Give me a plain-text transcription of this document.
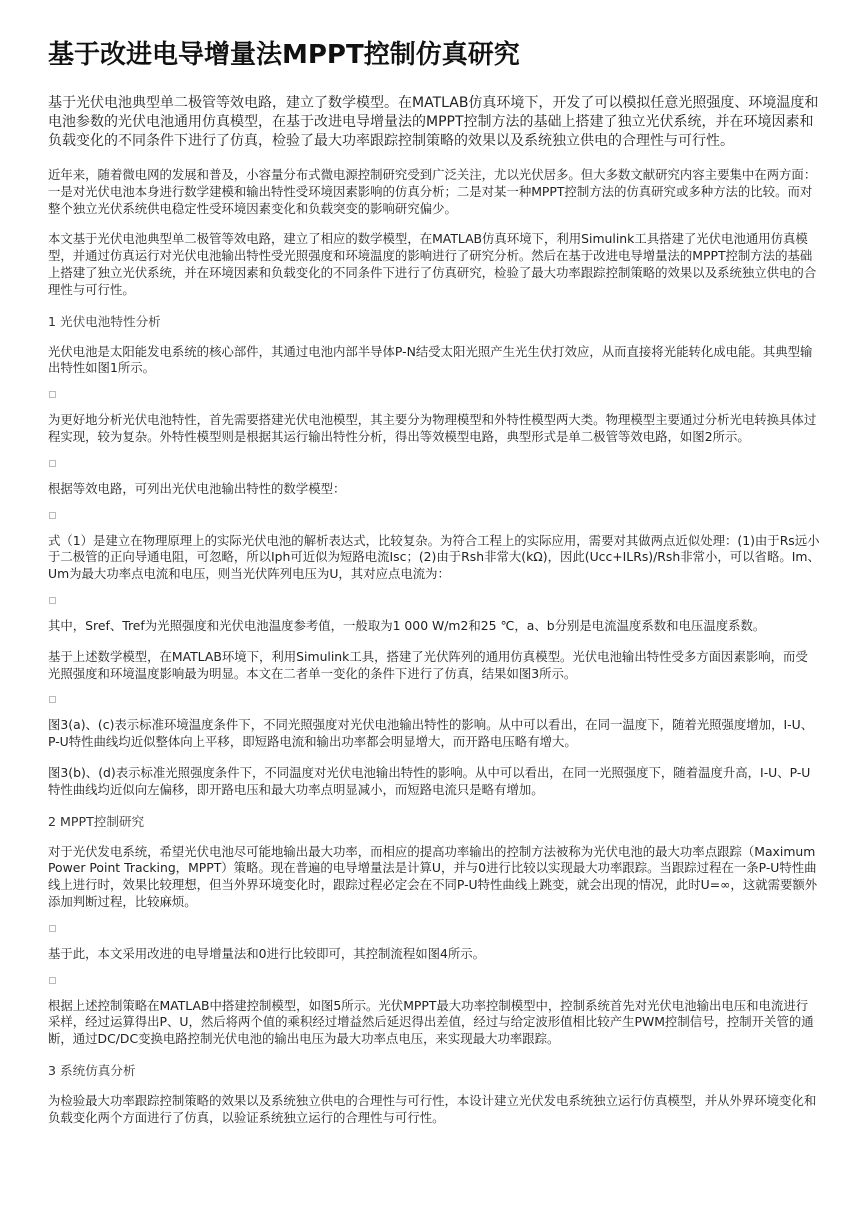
基于改进电导增量法MPPT控制仿真研究
基于光伏电池典型单二极管等效电路，建立了数学模型。在MATLAB仿真环境下，开发了可以模拟任意光照强度、环境温度和电池参数的光伏电池通用仿真模型，在基于改进电导增量法的MPPT控制方法的基础上搭建了独立光伏系统，并在环境因素和负载变化的不同条件下进行了仿真，检验了最大功率跟踪控制策略的效果以及系统独立供电的合理性与可行性。

近年来，随着微电网的发展和普及，小容量分布式微电源控制研究受到广泛关注，尤以光伏居多。但大多数文献研究内容主要集中在两方面：一是对光伏电池本身进行数学建模和输出特性受环境因素影响的仿真分析；二是对某一种MPPT控制方法的仿真研究或多种方法的比较。而对整个独立光伏系统供电稳定性受环境因素变化和负载突变的影响研究偏少。

本文基于光伏电池典型单二极管等效电路，建立了相应的数学模型，在MATLAB仿真环境下，利用Simulink工具搭建了光伏电池通用仿真模型，并通过仿真运行对光伏电池输出特性受光照强度和环境温度的影响进行了研究分析。然后在基于改进电导增量法的MPPT控制方法的基础上搭建了独立光伏系统，并在环境因素和负载变化的不同条件下进行了仿真研究，检验了最大功率跟踪控制策略的效果以及系统独立供电的合理性与可行性。

1 光伏电池特性分析

光伏电池是太阳能发电系统的核心部件，其通过电池内部半导体P-N结受太阳光照产生光生伏打效应，从而直接将光能转化成电能。其典型输出特性如图1所示。

为更好地分析光伏电池特性，首先需要搭建光伏电池模型，其主要分为物理模型和外特性模型两大类。物理模型主要通过分析光电转换具体过程实现，较为复杂。外特性模型则是根据其运行输出特性分析，得出等效模型电路，典型形式是单二极管等效电路，如图2所示。

根据等效电路，可列出光伏电池输出特性的数学模型：

式（1）是建立在物理原理上的实际光伏电池的解析表达式，比较复杂。为符合工程上的实际应用，需要对其做两点近似处理：(1)由于Rs远小于二极管的正向导通电阻，可忽略，所以Iph可近似为短路电流Isc；(2)由于Rsh非常大(kΩ)，因此(Ucc+ILRs)/Rsh非常小，可以省略。Im、Um为最大功率点电流和电压，则当光伏阵列电压为U，其对应点电流为：

其中，Sref、Tref为光照强度和光伏电池温度参考值，一般取为1 000 W/m2和25 ℃，a、b分别是电流温度系数和电压温度系数。

基于上述数学模型，在MATLAB环境下，利用Simulink工具，搭建了光伏阵列的通用仿真模型。光伏电池输出特性受多方面因素影响，而受光照强度和环境温度影响最为明显。本文在二者单一变化的条件下进行了仿真，结果如图3所示。

图3(a)、(c)表示标准环境温度条件下，不同光照强度对光伏电池输出特性的影响。从中可以看出，在同一温度下，随着光照强度增加，I-U、P-U特性曲线均近似整体向上平移，即短路电流和输出功率都会明显增大，而开路电压略有增大。

图3(b)、(d)表示标准光照强度条件下，不同温度对光伏电池输出特性的影响。从中可以看出，在同一光照强度下，随着温度升高，I-U、P-U特性曲线均近似向左偏移，即开路电压和最大功率点明显减小，而短路电流只是略有增加。

2 MPPT控制研究

对于光伏发电系统，希望光伏电池尽可能地输出最大功率，而相应的提高功率输出的控制方法被称为光伏电池的最大功率点跟踪（Maximum Power Point Tracking，MPPT）策略。现在普遍的电导增量法是计算U，并与0进行比较以实现最大功率跟踪。当跟踪过程在一条P-U特性曲线上进行时，效果比较理想，但当外界环境变化时，跟踪过程必定会在不同P-U特性曲线上跳变，就会出现的情况，此时U=∞，这就需要额外添加判断过程，比较麻烦。

基于此，本文采用改进的电导增量法和0进行比较即可，其控制流程如图4所示。

根据上述控制策略在MATLAB中搭建控制模型，如图5所示。光伏MPPT最大功率控制模型中，控制系统首先对光伏电池输出电压和电流进行采样，经过运算得出P、U，然后将两个值的乘积经过增益然后延迟得出差值，经过与给定波形值相比较产生PWM控制信号，控制开关管的通断，通过DC/DC变换电路控制光伏电池的输出电压为最大功率点电压，来实现最大功率跟踪。

3 系统仿真分析

为检验最大功率跟踪控制策略的效果以及系统独立供电的合理性与可行性，本设计建立光伏发电系统独立运行仿真模型，并从外界环境变化和负载变化两个方面进行了仿真，以验证系统独立运行的合理性与可行性。
